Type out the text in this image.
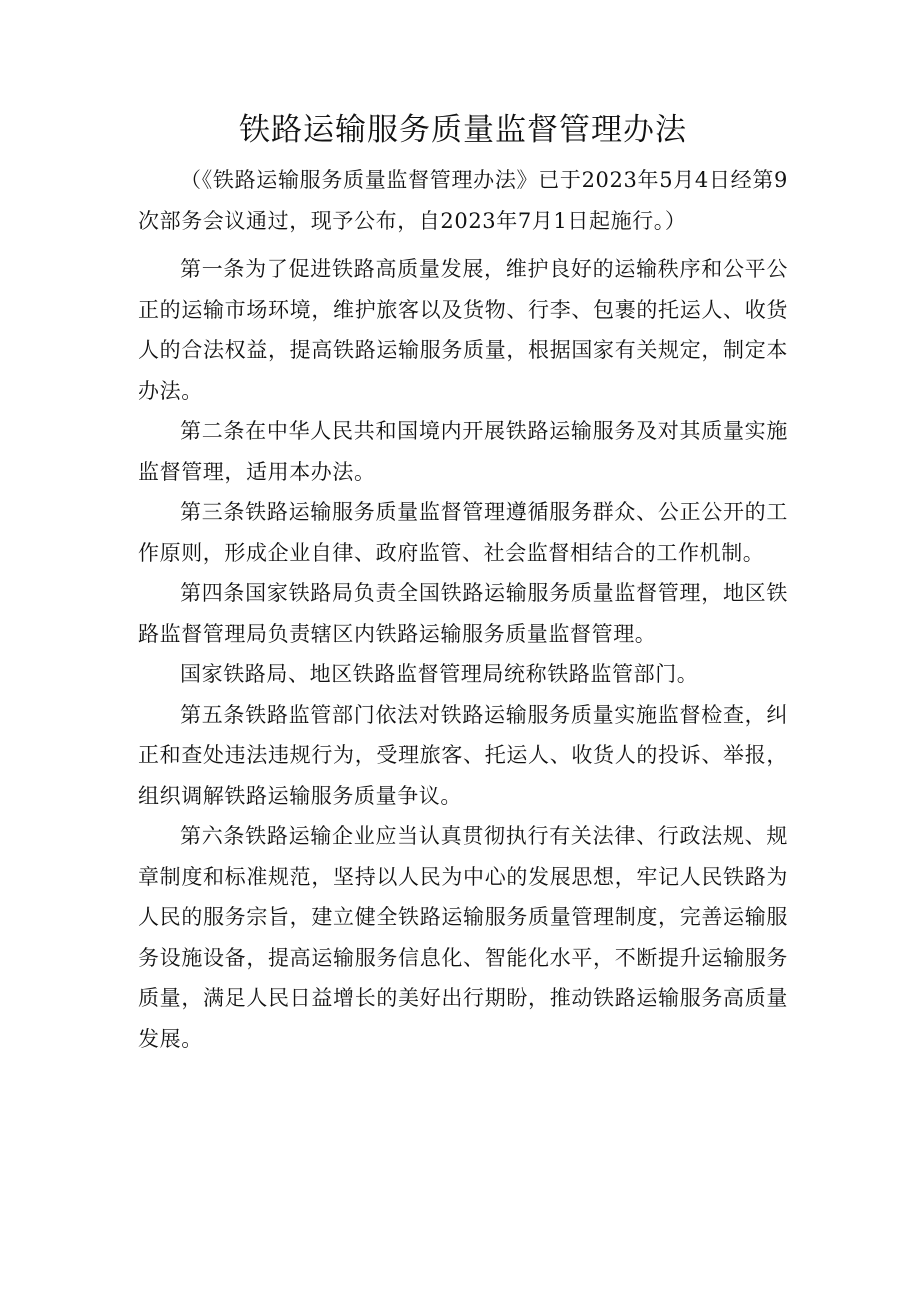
铁路运输服务质量监督管理办法

（《铁路运输服务质量监督管理办法》已于2023年5月4日经第9次部务会议通过，现予公布，自2023年7月1日起施行。）

第一条为了促进铁路高质量发展，维护良好的运输秩序和公平公正的运输市场环境，维护旅客以及货物、行李、包裹的托运人、收货人的合法权益，提高铁路运输服务质量，根据国家有关规定，制定本办法。

第二条在中华人民共和国境内开展铁路运输服务及对其质量实施监督管理，适用本办法。

第三条铁路运输服务质量监督管理遵循服务群众、公正公开的工作原则，形成企业自律、政府监管、社会监督相结合的工作机制。

第四条国家铁路局负责全国铁路运输服务质量监督管理，地区铁路监督管理局负责辖区内铁路运输服务质量监督管理。

国家铁路局、地区铁路监督管理局统称铁路监管部门。

第五条铁路监管部门依法对铁路运输服务质量实施监督检查，纠正和查处违法违规行为，受理旅客、托运人、收货人的投诉、举报，组织调解铁路运输服务质量争议。

第六条铁路运输企业应当认真贯彻执行有关法律、行政法规、规章制度和标准规范，坚持以人民为中心的发展思想，牢记人民铁路为人民的服务宗旨，建立健全铁路运输服务质量管理制度，完善运输服务设施设备，提高运输服务信息化、智能化水平，不断提升运输服务质量，满足人民日益增长的美好出行期盼，推动铁路运输服务高质量发展。
